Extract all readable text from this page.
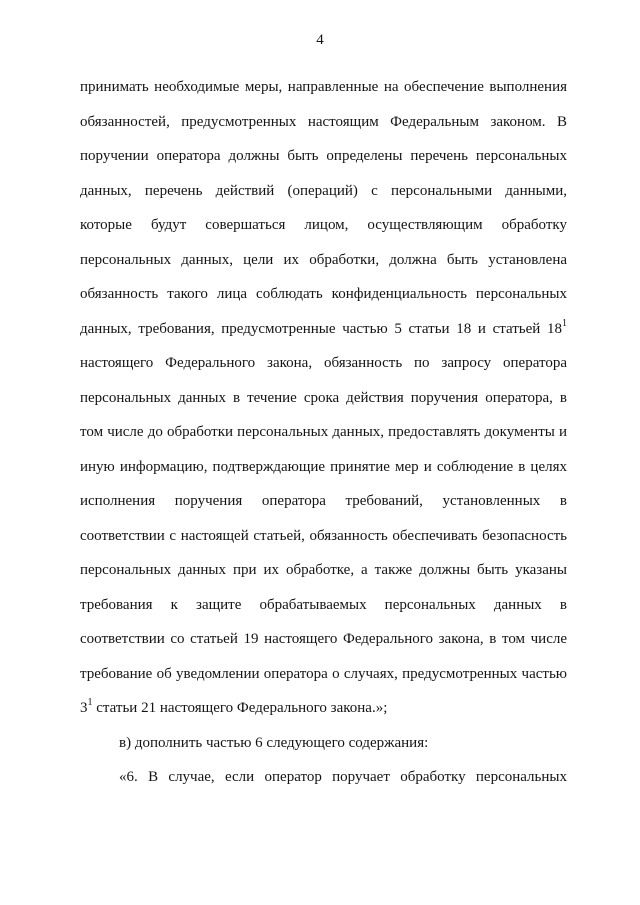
4
принимать необходимые меры, направленные на обеспечение выполнения
обязанностей, предусмотренных настоящим Федеральным законом. В
поручении оператора должны быть определены перечень персональных
данных, перечень действий (операций) с персональными данными,
которые будут совершаться лицом, осуществляющим обработку
персональных данных, цели их обработки, должна быть установлена
обязанность такого лица соблюдать конфиденциальность персональных
данных, требования, предусмотренные частью 5 статьи 18 и статьей $18^1$
настоящего Федерального закона, обязанность по запросу оператора
персональных данных в течение срока действия поручения оператора, в
том числе до обработки персональных данных, предоставлять документы и
иную информацию, подтверждающие принятие мер и соблюдение в целях
исполнения поручения оператора требований, установленных в
соответствии с настоящей статьей, обязанность обеспечивать безопасность
персональных данных при их обработке, а также должны быть указаны
требования к защите обрабатываемых персональных данных в
соответствии со статьей 19 настоящего Федерального закона, в том числе
требование об уведомлении оператора о случаях, предусмотренных частью
$3^1$ статьи 21 настоящего Федерального закона.»;
в) дополнить частью 6 следующего содержания:
«6. В случае, если оператор поручает обработку персональных
